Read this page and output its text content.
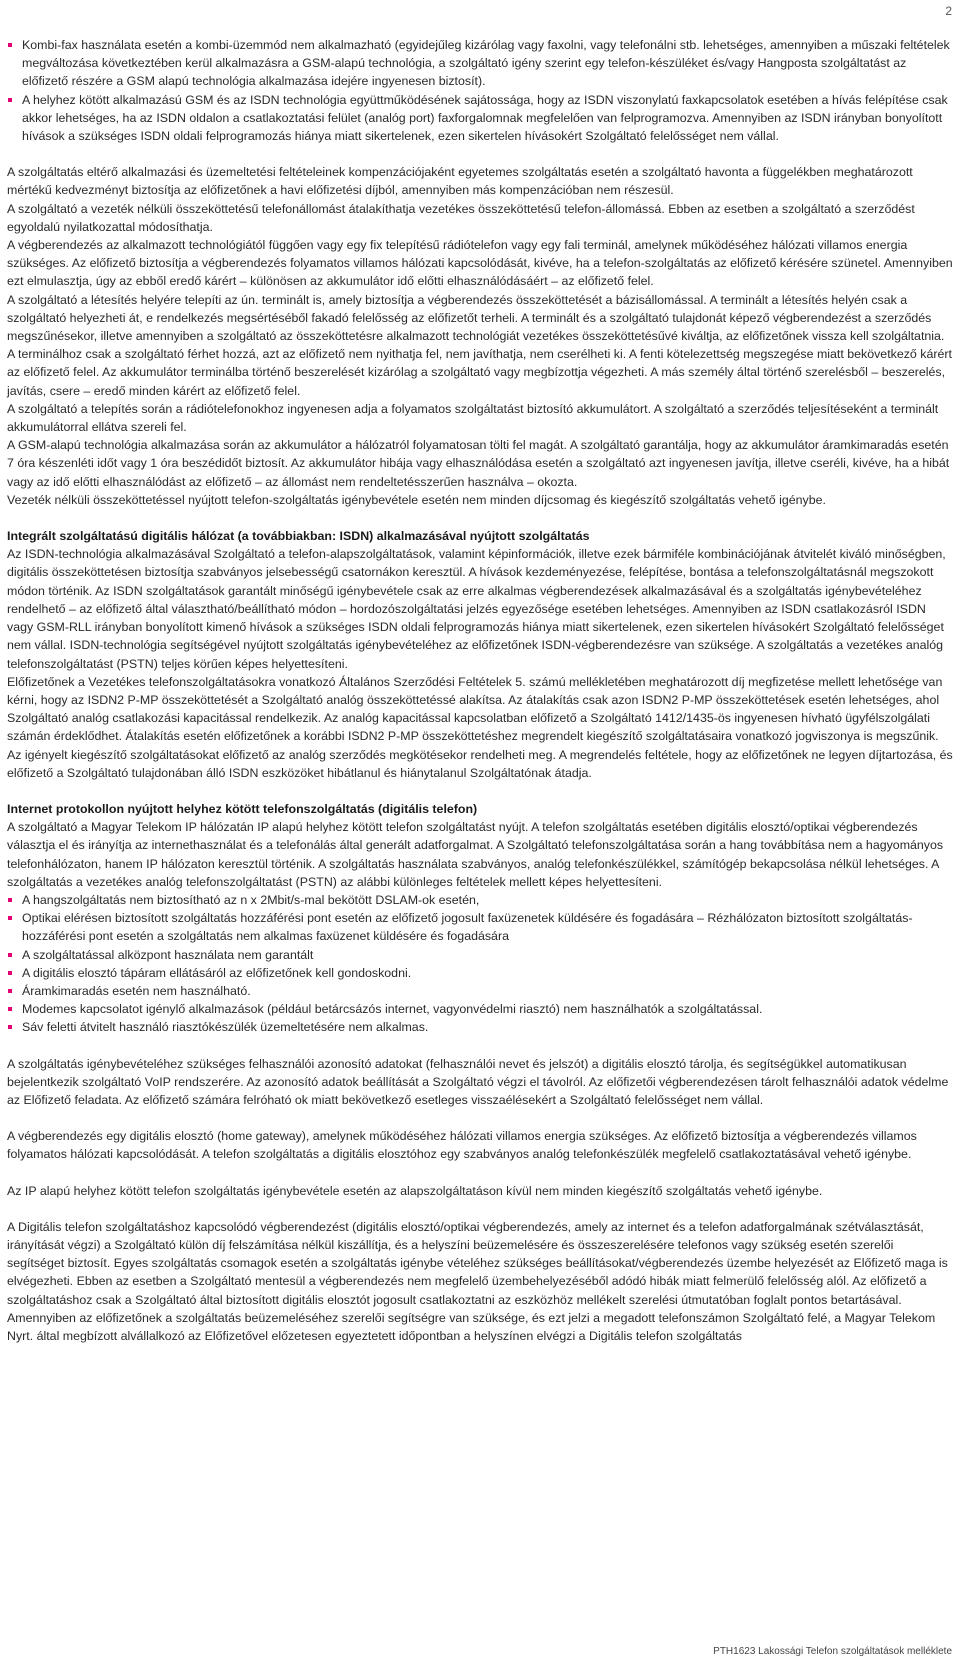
2
Kombi-fax használata esetén a kombi-üzemmód nem alkalmazható (egyidejűleg kizárólag vagy faxolni, vagy telefonálni stb. lehetséges, amennyiben a műszaki feltételek megváltozása következtében kerül alkalmazásra a GSM-alapú technológia, a szolgáltató igény szerint egy telefon-készüléket és/vagy Hangposta szolgáltatást az előfizető részére a GSM alapú technológia alkalmazása idejére ingyenesen biztosít).
A helyhez kötött alkalmazású GSM és az ISDN technológia együttműködésének sajátossága, hogy az ISDN viszonylatú faxkapcsolatok esetében a hívás felépítése csak akkor lehetséges, ha az ISDN oldalon a csatlakoztatási felület (analóg port) faxforgalomnak megfelelően van felprogramozva. Amennyiben az ISDN irányban bonyolított hívások a szükséges ISDN oldali felprogramozás hiánya miatt sikertelenek, ezen sikertelen hívásokért Szolgáltató felelősséget nem vállal.

A szolgáltatás eltérő alkalmazási és üzemeltetési feltételeinek kompenzációjaként egyetemes szolgáltatás esetén a szolgáltató havonta a függelékben meghatározott mértékű kedvezményt biztosítja az előfizetőnek a havi előfizetési díjból, amennyiben más kompenzációban nem részesül.

A szolgáltató a vezeték nélküli összeköttetésű telefonállomást átalakíthatja vezetékes összeköttetésű telefon-állomássá. Ebben az esetben a szolgáltató a szerződést egyoldalú nyilatkozattal módosíthatja.

A végberendezés az alkalmazott technológiától függően vagy egy fix telepítésű rádiótelefon vagy egy fali terminál, amelynek működéséhez hálózati villamos energia szükséges. Az előfizető biztosítja a végberendezés folyamatos villamos hálózati kapcsolódását, kivéve, ha a telefon-szolgáltatás az előfizető kérésére szünetel. Amennyiben ezt elmulasztja, úgy az ebből eredő kárért – különösen az akkumulátor idő előtti elhasználódásáért – az előfizető felel.

A szolgáltató a létesítés helyére telepíti az ún. terminált is, amely biztosítja a végberendezés összeköttetését a bázisállomással. A terminált a létesítés helyén csak a szolgáltató helyezheti át, e rendelkezés megsértéséből fakadó felelősség az előfizetőt terheli. A terminált és a szolgáltató tulajdonát képező végberendezést a szerződés megszűnésekor, illetve amennyiben a szolgáltató az összeköttetésre alkalmazott technológiát vezetékes összeköttetésűvé kiváltja, az előfizetőnek vissza kell szolgáltatnia.

A terminálhoz csak a szolgáltató férhet hozzá, azt az előfizető nem nyithatja fel, nem javíthatja, nem cserélheti ki. A fenti kötelezettség megszegése miatt bekövetkező kárért az előfizető felel. Az akkumulátor terminálba történő beszerelését kizárólag a szolgáltató vagy megbízottja végezheti. A más személy által történő szerelésből – beszerelés, javítás, csere – eredő minden kárért az előfizető felel.

A szolgáltató a telepítés során a rádiótelefonokhoz ingyenesen adja a folyamatos szolgáltatást biztosító akkumulátort. A szolgáltató a szerződés teljesítéseként a terminált akkumulátorral ellátva szereli fel.

A GSM-alapú technológia alkalmazása során az akkumulátor a hálózatról folyamatosan tölti fel magát. A szolgáltató garantálja, hogy az akkumulátor áramkimaradás esetén 7 óra készenléti időt vagy 1 óra beszédidőt biztosít. Az akkumulátor hibája vagy elhasználódása esetén a szolgáltató azt ingyenesen javítja, illetve cseréli, kivéve, ha a hibát vagy az idő előtti elhasználódást az előfizető – az állomást nem rendeltetésszerűen használva – okozta.

Vezeték nélküli összeköttetéssel nyújtott telefon-szolgáltatás igénybevétele esetén nem minden díjcsomag és kiegészítő szolgáltatás vehető igénybe.

Integrált szolgáltatású digitális hálózat (a továbbiakban: ISDN) alkalmazásával nyújtott szolgáltatás

Az ISDN-technológia alkalmazásával Szolgáltató a telefon-alapszolgáltatások, valamint képinformációk, illetve ezek bármiféle kombinációjának átvitelét kiváló minőségben, digitális összeköttetésen biztosítja szabványos jelsebességű csatornákon keresztül. A hívások kezdeményezése, felépítése, bontása a telefonszolgáltatásnál megszokott módon történik. Az ISDN szolgáltatások garantált minőségű igénybevétele csak az erre alkalmas végberendezések alkalmazásával és a szolgáltatás igénybevételéhez rendelhető – az előfizető által választható/beállítható módon – hordozószolgáltatási jelzés egyezősége esetében lehetséges. Amennyiben az ISDN csatlakozásról ISDN vagy GSM-RLL irányban bonyolított kimenő hívások a szükséges ISDN oldali felprogramozás hiánya miatt sikertelenek, ezen sikertelen hívásokért Szolgáltató felelősséget nem vállal. ISDN-technológia segítségével nyújtott szolgáltatás igénybevételéhez az előfizetőnek ISDN-végberendezésre van szüksége. A szolgáltatás a vezetékes analóg telefonszolgáltatást (PSTN) teljes körűen képes helyettesíteni.

Előfizetőnek a Vezetékes telefonszolgáltatásokra vonatkozó Általános Szerződési Feltételek 5. számú mellékletében meghatározott díj megfizetése mellett lehetősége van kérni, hogy az ISDN2 P-MP összeköttetését a Szolgáltató analóg összeköttetéssé alakítsa. Az átalakítás csak azon ISDN2 P-MP összeköttetések esetén lehetséges, ahol Szolgáltató analóg csatlakozási kapacitással rendelkezik. Az analóg kapacitással kapcsolatban előfizető a Szolgáltató 1412/1435-ös ingyenesen hívható ügyfélszolgálati számán érdeklődhet. Átalakítás esetén előfizetőnek a korábbi ISDN2 P-MP összeköttetéshez megrendelt kiegészítő szolgáltatásaira vonatkozó jogviszonya is megszűnik. Az igényelt kiegészítő szolgáltatásokat előfizető az analóg szerződés megkötésekor rendelheti meg. A megrendelés feltétele, hogy az előfizetőnek ne legyen díjtartozása, és előfizető a Szolgáltató tulajdonában álló ISDN eszközöket hibátlanul és hiánytalanul Szolgáltatónak átadja.

Internet protokollon nyújtott helyhez kötött telefonszolgáltatás (digitális telefon)

A szolgáltató a Magyar Telekom IP hálózatán IP alapú helyhez kötött telefon szolgáltatást nyújt. A telefon szolgáltatás esetében digitális elosztó/optikai végberendezés választja el és irányítja az internethasználat és a telefonálás által generált adatforgalmat. A Szolgáltató telefonszolgáltatása során a hang továbbítása nem a hagyományos telefonhálózaton, hanem IP hálózaton keresztül történik. A szolgáltatás használata szabványos, analóg telefonkészülékkel, számítógép bekapcsolása nélkül lehetséges. A szolgáltatás a vezetékes analóg telefonszolgáltatást (PSTN) az alábbi különleges feltételek mellett képes helyettesíteni.

A hangszolgáltatás nem biztosítható az n x 2Mbit/s-mal bekötött DSLAM-ok esetén,
Optikai elérésen biztosított szolgáltatás hozzáférési pont esetén az előfizető jogosult faxüzenetek küldésére és fogadására – Rézhálózaton biztosított szolgáltatás-hozzáférési pont esetén a szolgáltatás nem alkalmas faxüzenet küldésére és fogadására
A szolgáltatással alközpont használata nem garantált
A digitális elosztó tápáram ellátásáról az előfizetőnek kell gondoskodni.
Áramkimaradás esetén nem használható.
Modemes kapcsolatot igénylő alkalmazások (például betárcsázós internet, vagyonvédelmi riasztó) nem használhatók a szolgáltatással.
Sáv feletti átvitelt használó riasztókészülék üzemeltetésére nem alkalmas.

A szolgáltatás igénybevételéhez szükséges felhasználói azonosító adatokat (felhasználói nevet és jelszót) a digitális elosztó tárolja, és segítségükkel automatikusan bejelentkezik szolgáltató VoIP rendszerére. Az azonosító adatok beállítását a Szolgáltató végzi el távolról. Az előfizetői végberendezésen tárolt felhasználói adatok védelme az Előfizető feladata. Az előfizető számára felróható ok miatt bekövetkező esetleges visszaélésekért a Szolgáltató felelősséget nem vállal.

A végberendezés egy digitális elosztó (home gateway), amelynek működéséhez hálózati villamos energia szükséges. Az előfizető biztosítja a végberendezés villamos folyamatos hálózati kapcsolódását. A telefon szolgáltatás a digitális elosztóhoz egy szabványos analóg telefonkészülék megfelelő csatlakoztatásával vehető igénybe.

Az IP alapú helyhez kötött telefon szolgáltatás igénybevétele esetén az alapszolgáltatáson kívül nem minden kiegészítő szolgáltatás vehető igénybe.

A Digitális telefon szolgáltatáshoz kapcsolódó végberendezést (digitális elosztó/optikai végberendezés, amely az internet és a telefon adatforgalmának szétválasztását, irányítását végzi) a Szolgáltató külön díj felszámítása nélkül kiszállítja, és a helyszíni beüzemelésére és összeszerelésére telefonos vagy szükség esetén szerelői segítséget biztosít. Egyes szolgáltatás csomagok esetén a szolgáltatás igénybe vételéhez szükséges beállításokat/végberendezés üzembe helyezését az Előfizető maga is elvégezheti. Ebben az esetben a Szolgáltató mentesül a végberendezés nem megfelelő üzembehelyezéséből adódó hibák miatt felmerülő felelősség alól. Az előfizető a szolgáltatáshoz csak a Szolgáltató által biztosított digitális elosztót jogosult csatlakoztatni az eszközhöz mellékelt szerelési útmutatóban foglalt pontos betartásával.

Amennyiben az előfizetőnek a szolgáltatás beüzemeléséhez szerelői segítségre van szüksége, és ezt jelzi a megadott telefonszámon Szolgáltató felé, a Magyar Telekom Nyrt. által megbízott alvállalkozó az Előfizetővel előzetesen egyeztetett időpontban a helyszínen elvégzi a Digitális telefon szolgáltatás

PTH1623 Lakossági Telefon szolgáltatások melléklete
